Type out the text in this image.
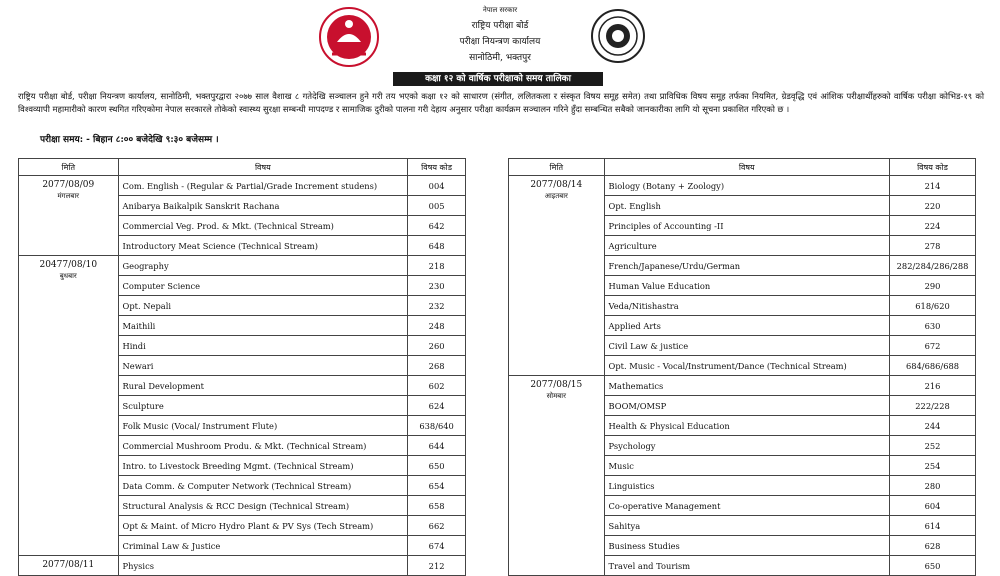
नेपाल सरकार
राष्ट्रिय परीक्षा बोर्ड
परीक्षा नियन्त्रण कार्यालय
सानोठिमी, भक्तपुर
कक्षा १२ को वार्षिक परीक्षाको समय तालिका
राष्ट्रिय परीक्षा बोर्ड, परीक्षा नियन्त्रण कार्यालय, सानोठिमी, भक्तपुरद्वारा २०७७ साल वैशाख ८ गतेदेखि सञ्चालन हुने गरी तय भएको कक्षा १२ को साधारण (संगीत, ललितकला र संस्कृत विषय समूह समेत) तथा प्राविधिक विषय समूह तर्फका नियमित, ग्रेडवृद्धि एवं आंशिक परीक्षार्थीहरुको वार्षिक परीक्षा कोभिड-१९ को विश्वव्यापी महामारीको कारण स्थगित गरिएकोमा नेपाल सरकारले तोकेको स्वास्थ्य सुरक्षा सम्बन्धी मापदण्ड र सामाजिक दुरीको पालना गरी देहाय अनुसार परीक्षा कार्यक्रम सञ्चालन गरिने हुँदा सम्बन्धित सबैको जानकारीका लागि यो सूचना प्रकाशित गरिएको छ ।
परीक्षा समय: - बिहान ८:०० बजेदेखि ९:३० बजेसम्म ।
मिति	विषय	विषय कोड

2077/08/09
मंगलबार	Com. English - (Regular & Partial/Grade Increment studens)	004
	Anibarya Baikalpik Sanskrit Rachana	005
	Commercial Veg. Prod. & Mkt. (Technical Stream)	642
	Introductory Meat Science (Technical Stream)	648

20477/08/10
बुधबार	Geography	218
	Computer Science	230
	Opt. Nepali	232
	Maithili	248
	Hindi	260
	Newari	268
	Rural Development	602
	Sculpture	624
	Folk Music (Vocal/ Instrument Flute)	638/640
	Commercial Mushroom Produ. & Mkt. (Technical Stream)	644
	Intro. to Livestock Breeding Mgmt. (Technical Stream)	650
	Data Comm. & Computer Network (Technical Stream)	654
	Structural Analysis & RCC Design (Technical Stream)	658
	Opt & Maint. of Micro Hydro Plant & PV Sys (Tech Stream)	662
	Criminal Law & Justice	674

2077/08/11	Physics	212
मिति	विषय	विषय कोड

2077/08/14
आइतबार	Biology (Botany + Zoology)	214
	Opt. English	220
	Principles of Accounting -II	224
	Agriculture	278
	French/Japanese/Urdu/German	282/284/286/288
	Human Value Education	290
	Veda/Nitishastra	618/620
	Applied Arts	630
	Civil Law & justice	672
	Opt. Music - Vocal/Instrument/Dance (Technical Stream)	684/686/688

2077/08/15
सोमबार	Mathematics	216
	BOOM/OMSP	222/228
	Health & Physical Education	244
	Psychology	252
	Music	254
	Linguistics	280
	Co-operative Management	604
	Sahitya	614
	Business Studies	628
	Travel and Tourism	650
